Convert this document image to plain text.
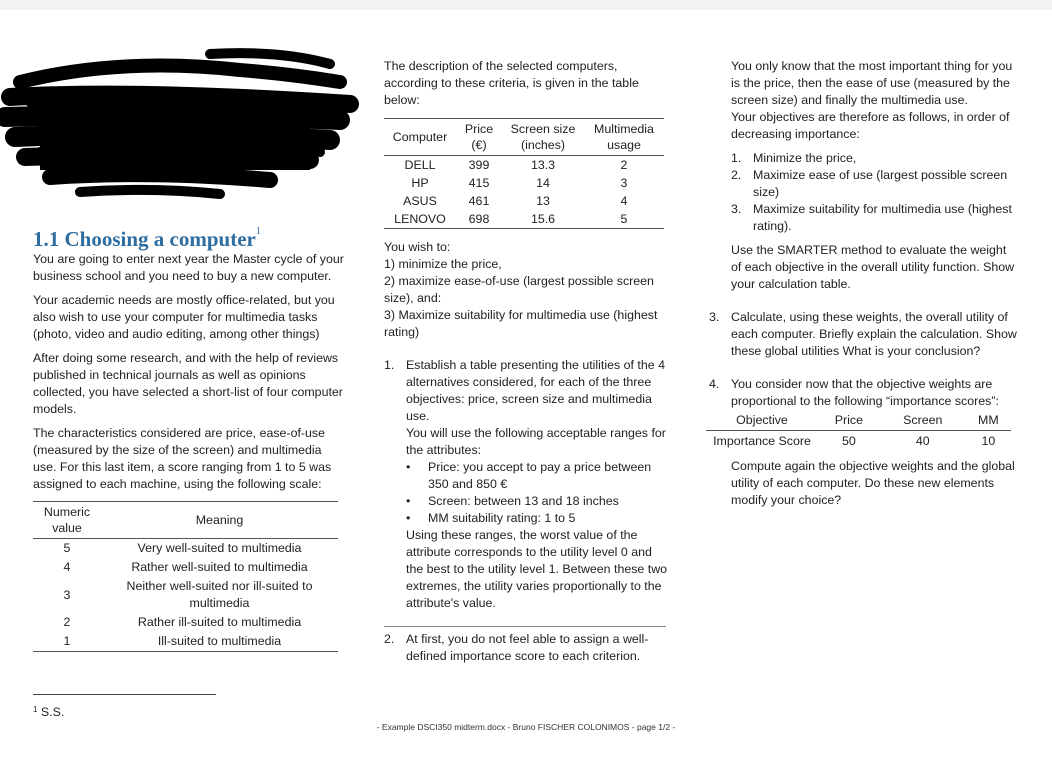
1.1 Choosing a computer$^1$

You are going to enter next year the Master cycle of your business school and you need to buy a new computer.

Your academic needs are mostly office-related, but you also wish to use your computer for multimedia tasks (photo, video and audio editing, among other things)

After doing some research, and with the help of reviews published in technical journals as well as opinions collected, you have selected a short-list of four computer models.

The characteristics considered are price, ease-of-use (measured by the size of the screen) and multimedia use. For this last item, a score ranging from 1 to 5 was assigned to each machine, using the following scale:

Numeric value	Meaning
5	Very well-suited to multimedia
4	Rather well-suited to multimedia
3	Neither well-suited nor ill-suited to multimedia
2	Rather ill-suited to multimedia
1	Ill-suited to multimedia
$^1$ S.S.

The description of the selected computers, according to these criteria, is given in the table below:

Computer	Price (€)	Screen size (inches)	Multimedia usage
DELL	399	13.3	2
HP	415	14	3
ASUS	461	13	4
LENOVO	698	15.6	5

You wish to:

1) minimize the price,

2) maximize ease-of-use (largest possible screen size), and:

3) Maximize suitability for multimedia use (highest rating)

1. Establish a table presenting the utilities of the 4 alternatives considered, for each of the three objectives: price, screen size and multimedia use.

You will use the following acceptable ranges for the attributes:

• Price: you accept to pay a price between 350 and 850 €
• Screen: between 13 and 18 inches
• MM suitability rating: 1 to 5

Using these ranges, the worst value of the attribute corresponds to the utility level 0 and the best to the utility level 1. Between these two extremes, the utility varies proportionally to the attribute's value.

2. At first, you do not feel able to assign a well-defined importance score to each criterion.

You only know that the most important thing for you is the price, then the ease of use (measured by the screen size) and finally the multimedia use.

Your objectives are therefore as follows, in order of decreasing importance:

1. Minimize the price,
2. Maximize ease of use (largest possible screen size)
3. Maximize suitability for multimedia use (highest rating).

Use the SMARTER method to evaluate the weight of each objective in the overall utility function. Show your calculation table.

3. Calculate, using these weights, the overall utility of each computer. Briefly explain the calculation. Show these global utilities What is your conclusion?

4. You consider now that the objective weights are proportional to the following “importance scores”:

Objective	Price	Screen	MM
Importance Score	50	40	10

Compute again the objective weights and the global utility of each computer. Do these new elements modify your choice?

- Example DSCI350 midterm.docx - Bruno FISCHER COLONIMOS - page 1/2 -
